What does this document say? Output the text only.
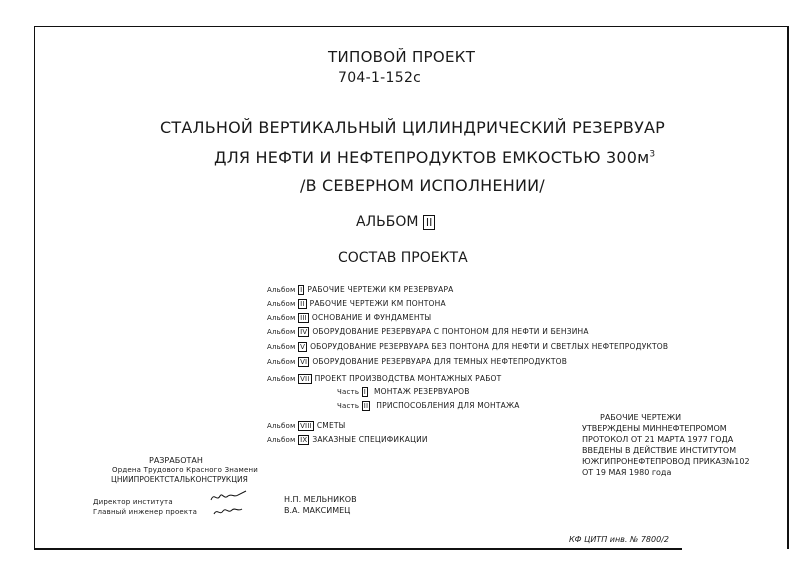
ТИПОВОЙ ПРОЕКТ
704-1-152с
СТАЛЬНОЙ ВЕРТИКАЛЬНЫЙ ЦИЛИНДРИЧЕСКИЙ РЕЗЕРВУАР
ДЛЯ НЕФТИ И НЕФТЕПРОДУКТОВ ЕМКОСТЬЮ $300м^3$
/В СЕВЕРНОМ ИСПОЛНЕНИИ/
АЛЬБОМ II
СОСТАВ ПРОЕКТА
Альбом I РАБОЧИЕ ЧЕРТЕЖИ КМ РЕЗЕРВУАРА
Альбом II РАБОЧИЕ ЧЕРТЕЖИ КМ ПОНТОНА
Альбом III ОСНОВАНИЕ И ФУНДАМЕНТЫ
Альбом IV ОБОРУДОВАНИЕ РЕЗЕРВУАРА С ПОНТОНОМ ДЛЯ НЕФТИ И БЕНЗИНА
Альбом V ОБОРУДОВАНИЕ РЕЗЕРВУАРА БЕЗ ПОНТОНА ДЛЯ НЕФТИ И СВЕТЛЫХ НЕФТЕПРОДУКТОВ
Альбом VI ОБОРУДОВАНИЕ РЕЗЕРВУАРА ДЛЯ ТЕМНЫХ НЕФТЕПРОДУКТОВ
Альбом VII ПРОЕКТ ПРОИЗВОДСТВА МОНТАЖНЫХ РАБОТ
Альбом VIII СМЕТЫ
Альбом IX ЗАКАЗНЫЕ СПЕЦИФИКАЦИИ
Часть I МОНТАЖ РЕЗЕРВУАРОВ
Часть II ПРИСПОСОБЛЕНИЯ ДЛЯ МОНТАЖА
РАБОЧИЕ ЧЕРТЕЖИ
УТВЕРЖДЕНЫ МИННЕФТЕПРОМОМ
ПРОТОКОЛ ОТ 21 МАРТА 1977 ГОДА
ВВЕДЕНЫ В ДЕЙСТВИЕ ИНСТИТУТОМ
ЮЖГИПРОНЕФТЕПРОВОД ПРИКАЗ№102
ОТ 19 МАЯ 1980 года
РАЗРАБОТАН
Ордена Трудового Красного Знамени
ЦНИИПРОЕКТСТАЛЬКОНСТРУКЦИЯ
Директор института
Главный инженер проекта
Н.П. МЕЛЬНИКОВ
В.А. МАКСИМЕЦ
КФ ЦИТП инв. № 7800/2
